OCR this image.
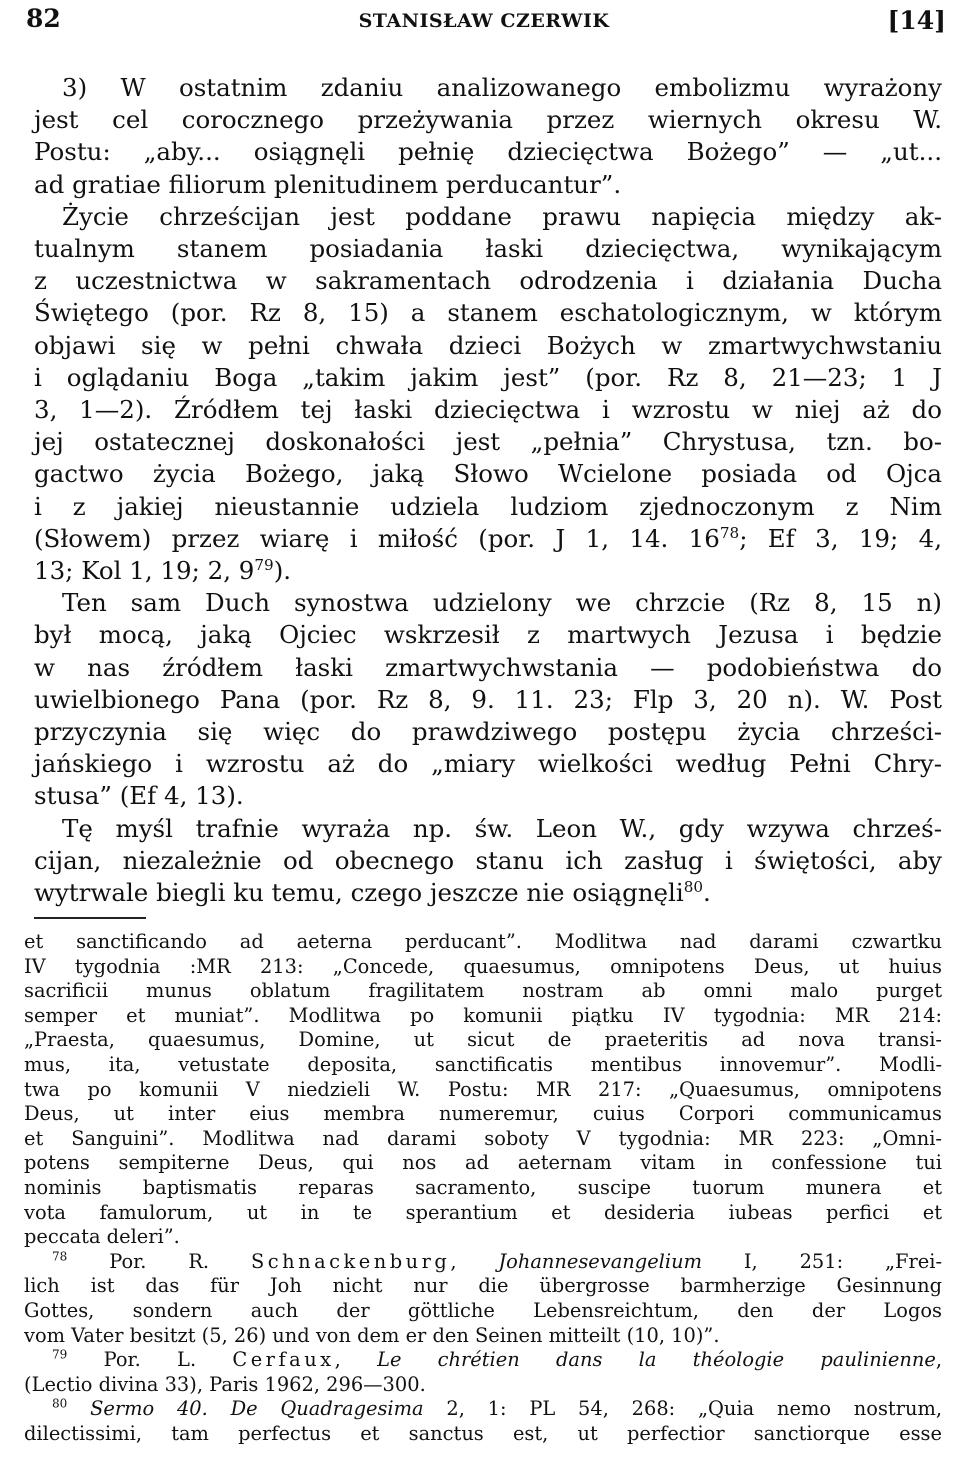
82	STANISŁAW CZERWIK	[14]

3) W ostatnim zdaniu analizowanego embolizmu wyrażony
jest cel corocznego przeżywania przez wiernych okresu W.
Postu: „aby... osiągnęli pełnię dziecięctwa Bożego” — „ut...
ad gratiae filiorum plenitudinem perducantur”.
Życie chrześcijan jest poddane prawu napięcia między ak-
tualnym stanem posiadania łaski dziecięctwa, wynikającym
z uczestnictwa w sakramentach odrodzenia i działania Ducha
Świętego (por. Rz 8, 15) a stanem eschatologicznym, w którym
objawi się w pełni chwała dzieci Bożych w zmartwychwstaniu
i oglądaniu Boga „takim jakim jest” (por. Rz 8, 21—23; 1 J
3, 1—2). Źródłem tej łaski dziecięctwa i wzrostu w niej aż do
jej ostatecznej doskonałości jest „pełnia” Chrystusa, tzn. bo-
gactwo życia Bożego, jaką Słowo Wcielone posiada od Ojca
i z jakiej nieustannie udziela ludziom zjednoczonym z Nim
(Słowem) przez wiarę i miłość (por. J 1, 14. $16^{78}$; Ef 3, 19; 4,
13; Kol 1, 19; 2, $9^{79}$).

Ten sam Duch synostwa udzielony we chrzcie (Rz 8, 15 n)
był mocą, jaką Ojciec wskrzesił z martwych Jezusa i będzie
w nas źródłem łaski zmartwychwstania — podobieństwa do
uwielbionego Pana (por. Rz 8, 9. 11. 23; Flp 3, 20 n). W. Post
przyczynia się więc do prawdziwego postępu życia chrześci-
jańskiego i wzrostu aż do „miary wielkości według Pełni Chry-
stusa” (Ef 4, 13).

Tę myśl trafnie wyraża np. św. Leon W., gdy wzywa chrześ-
cijan, niezależnie od obecnego stanu ich zasług i świętości, aby
wytrwale biegli ku temu, czego jeszcze nie osiągnęli$^{80}$.

et sanctificando ad aeterna perducant”. Modlitwa nad darami czwartku
IV tygodnia :MR 213: „Concede, quaesumus, omnipotens Deus, ut huius
sacrificii munus oblatum fragilitatem nostram ab omni malo purget
semper et muniat”. Modlitwa po komunii piątku IV tygodnia: MR 214:
„Praesta, quaesumus, Domine, ut sicut de praeteritis ad nova transi-
mus, ita, vetustate deposita, sanctificatis mentibus innovemur”. Modli-
twa po komunii V niedzieli W. Postu: MR 217: „Quaesumus, omnipotens
Deus, ut inter eius membra numeremur, cuius Corpori communicamus
et Sanguini”. Modlitwa nad darami soboty V tygodnia: MR 223: „Omni-
potens sempiterne Deus, qui nos ad aeternam vitam in confessione tui
nominis baptismatis reparas sacramento, suscipe tuorum munera et
vota famulorum, ut in te sperantium et desideria iubeas perfici et
peccata deleri”.
$^{78}$ Por. R. Schnackenburg, Johannesevangelium I, 251: „Frei-
lich ist das für Joh nicht nur die übergrosse barmherzige Gesinnung
Gottes, sondern auch der göttliche Lebensreichtum, den der Logos
vom Vater besitzt (5, 26) und von dem er den Seinen mitteilt (10, 10)”.
$^{79}$ Por. L. Cerfaux, Le chrétien dans la théologie paulinienne,
(Lectio divina 33), Paris 1962, 296—300.
$^{80}$ Sermo 40. De Quadragesima 2, 1: PL 54, 268: „Quia nemo nostrum,
dilectissimi, tam perfectus et sanctus est, ut perfectior sanctiorque esse
